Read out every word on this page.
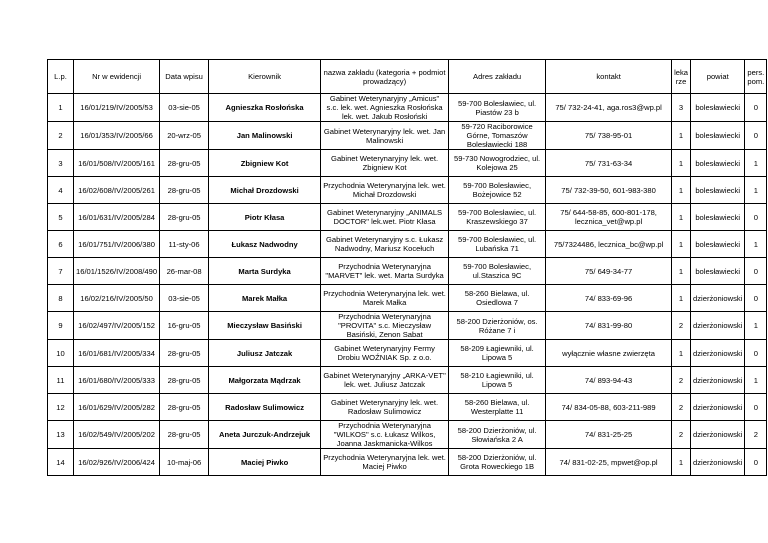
L.p.	Nr w ewidencji	Data wpisu	Kierownik	nazwa zakładu (kategoria + podmiot prowadzący)	Adres zakładu	kontakt	leka rze	powiat	pers. pom.
1	16/01/219/IV/2005/53	03-sie-05	Agnieszka Rosłońska	Gabinet Weterynaryjny „Amicus" s.c. lek. wet. Agnieszka Rosłońska lek. wet. Jakub Rosłoński	59-700 Bolesławiec, ul. Piastów 23 b	75/ 732-24-41, aga.ros3@wp.pl	3	bolesławiecki	0
2	16/01/353/IV/2005/66	20-wrz-05	Jan Malinowski	Gabinet Weterynaryjny lek. wet. Jan Malinowski	59-720 Raciborowice Górne, Tomaszów Bolesławiecki 188	75/ 738-95-01	1	bolesławiecki	0
3	16/01/508/IV/2005/161	28-gru-05	Zbigniew Kot	Gabinet Weterynaryjny lek. wet. Zbigniew Kot	59-730 Nowogrodziec, ul. Kolejowa 25	75/ 731-63-34	1	bolesławiecki	1
4	16/02/608/IV/2005/261	28-gru-05	Michał Drozdowski	Przychodnia Weterynaryjna lek. wet. Michał Drozdowski	59-700 Bolesławiec, Bożejowice 52	75/ 732-39-50, 601-983-380	1	bolesławiecki	1
5	16/01/631/IV/2005/284	28-gru-05	Piotr Kłasa	Gabinet Weterynaryjny „ANIMALS DOCTOR" lek.wet. Piotr Kłasa	59-700 Bolesławiec, ul. Kraszewskiego 37	75/ 644-58-85, 600-801-178, lecznica_vet@wp.pl	1	bolesławiecki	0
6	16/01/751/IV/2006/380	11-sty-06	Łukasz Nadwodny	Gabinet Weterynaryjny s.c. Łukasz Nadwodny, Mariusz Kocełuch	59-700 Bolesławiec, ul. Lubańska 71	75/7324486, lecznica_bc@wp.pl	1	bolesławiecki	1
7	16/01/1526/IV/2008/490	26-mar-08	Marta Surdyka	Przychodnia Weterynaryjna "MARVET" lek. wet. Marta Surdyka	59-700 Bolesławiec, ul.Staszica 9C	75/ 649-34-77	1	bolesławiecki	0
8	16/02/216/IV/2005/50	03-sie-05	Marek Małka	Przychodnia Weterynaryjna lek. wet. Marek Małka	58-260 Bielawa, ul. Osiedlowa 7	74/ 833-69-96	1	dzierżoniowski	0
9	16/02/497/IV/2005/152	16-gru-05	Mieczysław Basiński	Przychodnia Weterynaryjna "PROVITA" s.c. Mieczysław Basiński, Zenon Sabat	58-200 Dzierżoniów, os. Różane 7 i	74/ 831-99-80	2	dzierżoniowski	1
10	16/01/681/IV/2005/334	28-gru-05	Juliusz Jatczak	Gabinet Weterynaryjny Fermy Drobiu WOŹNIAK Sp. z o.o.	58-209 Łagiewniki, ul. Lipowa 5	wyłącznie własne zwierzęta	1	dzierżoniowski	0
11	16/01/680/IV/2005/333	28-gru-05	Małgorzata Mądrzak	Gabinet Weterynaryjny „ARKA-VET" lek. wet. Juliusz Jatczak	58-210 Łagiewniki, ul. Lipowa 5	74/ 893-94-43	2	dzierżoniowski	1
12	16/01/629/IV/2005/282	28-gru-05	Radosław Sulimowicz	Gabinet Weterynaryjny lek. wet. Radosław Sulimowicz	58-260 Bielawa, ul. Westerplatte 11	74/ 834-05-88, 603-211-989	2	dzierżoniowski	0
13	16/02/549/IV/2005/202	28-gru-05	Aneta Jurczuk-Andrzejuk	Przychodnia Weterynaryjna "WILKOS" s.c. Łukasz Wilkos, Joanna Jaskmanicka-Wilkos	58-200 Dzierżoniów, ul. Słowiańska 2 A	74/ 831-25-25	2	dzierżoniowski	2
14	16/02/926/IV/2006/424	10-maj-06	Maciej Piwko	Przychodnia Weterynaryjna lek. wet. Maciej Piwko	58-200 Dzierżoniów, ul. Grota Roweckiego 1B	74/ 831-02-25, mpwet@op.pl	1	dzierżoniowski	0
